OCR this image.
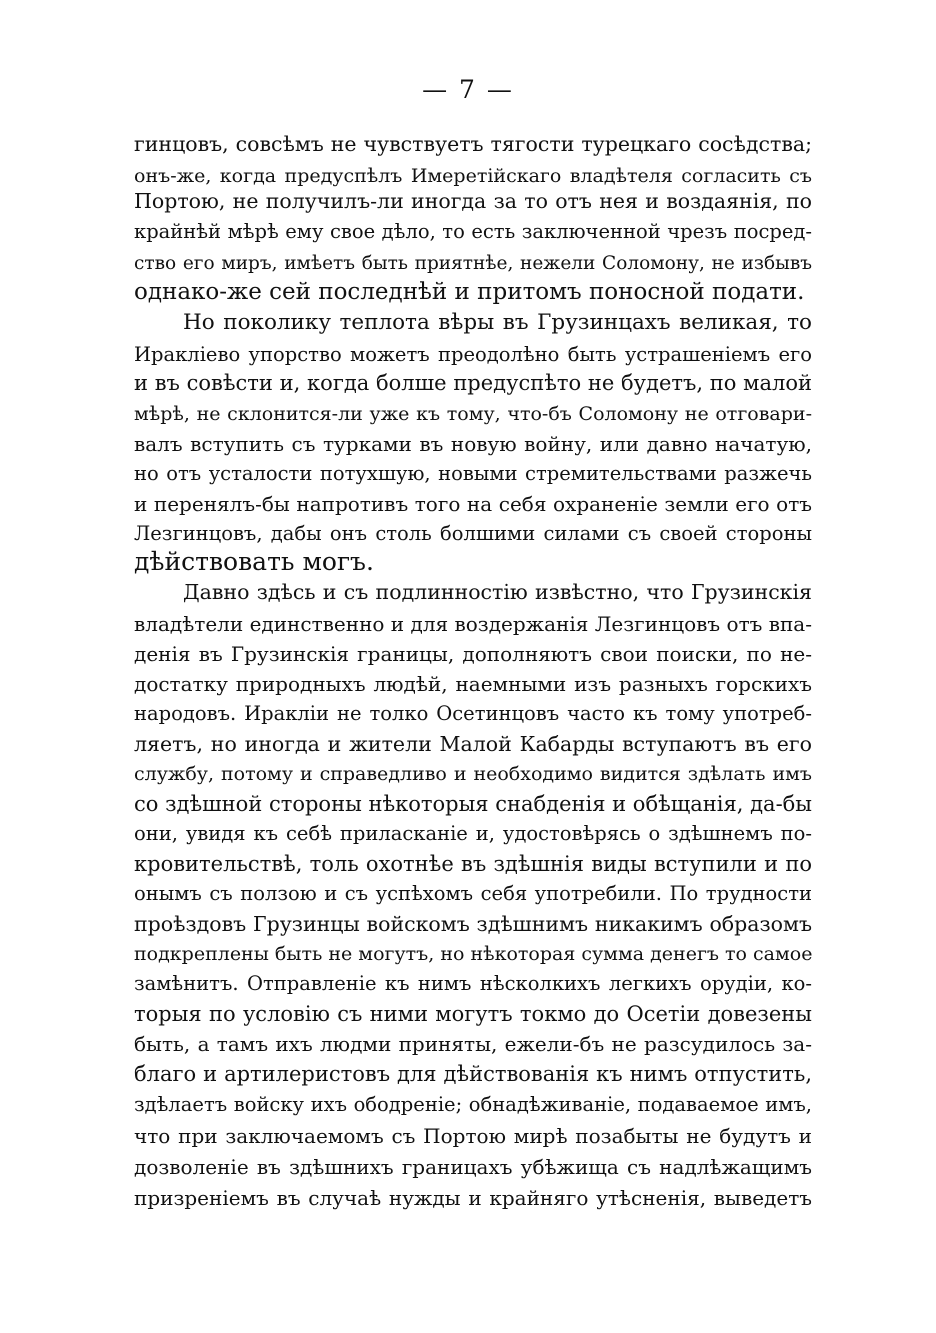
— 7 —
гинцовъ, совсѣмъ не чувствуетъ тягости турецкаго сосѣдства;
онъ-же, когда предуспѣлъ Имеретійскаго владѣтеля согласить съ
Портою, не получилъ-ли иногда за то отъ нея и воздаянія, по
крайнѣй мѣрѣ ему свое дѣло, то есть заключенной чрезъ посред-
ство его миръ, имѣетъ быть приятнѣе, нежели Соломону, не избывъ
однако-же сей последнѣй и притомъ поносной подати.
Но поколику теплота вѣры въ Грузинцахъ великая, то
Ираклiево упорство можетъ преодолѣно быть устрашенiемъ его
и въ совѣсти и, когда болше предуспѣто не будетъ, по малой
мѣрѣ, не склонится-ли уже къ тому, что-бъ Соломону не отговари-
валъ вступить съ турками въ новую войну, или давно начатую,
но отъ усталости потухшую, новыми стремительствами разжечь
и перенялъ-бы напротивъ того на себя охраненiе земли его отъ
Лезгинцовъ, дабы онъ столь болшими силами съ своей стороны
дѣйствовать могъ.
Давно здѣсь и съ подлинностiю извѣстно, что Грузинскiя
владѣтели единственно и для воздержанiя Лезгинцовъ отъ впа-
денiя въ Грузинскiя границы, дополняютъ свои поиски, по не-
достатку природныхъ людѣй, наемными изъ разныхъ горскихъ
народовъ. Ираклiи не толко Осетинцовъ часто къ тому употреб-
ляетъ, но иногда и жители Малой Кабарды вступаютъ въ его
службу, потому и справедливо и необходимо видится здѣлать имъ
со здѣшной стороны нѣкоторыя снабденiя и обѣщанiя, да-бы
они, увидя къ себѣ приласканiе и, удостовѣрясь о здѣшнемъ по-
кровительствѣ, толь охотнѣе въ здѣшнiя виды вступили и по
онымъ съ ползою и съ успѣхомъ себя употребили. По трудности
проѣздовъ Грузинцы войскомъ здѣшнимъ никакимъ образомъ
подкреплены быть не могутъ, но нѣкоторая сумма денегъ то самое
замѣнитъ. Отправленiе къ нимъ нѣсколкихъ легкихъ орудiи, ко-
торыя по условiю съ ними могутъ токмо до Осетiи довезены
быть, а тамъ ихъ людми приняты, ежели-бъ не разсудилось за-
благо и артилеристовъ для дѣйствованiя къ нимъ отпустить,
здѣлаетъ войску ихъ ободренiе; обнадѣживанiе, подаваемое имъ,
что при заключаемомъ съ Портою мирѣ позабыты не будутъ и
дозволенiе въ здѣшнихъ границахъ убѣжища съ надлѣжащимъ
призренiемъ въ случаѣ нужды и крайняго утѣсненiя, выведетъ
